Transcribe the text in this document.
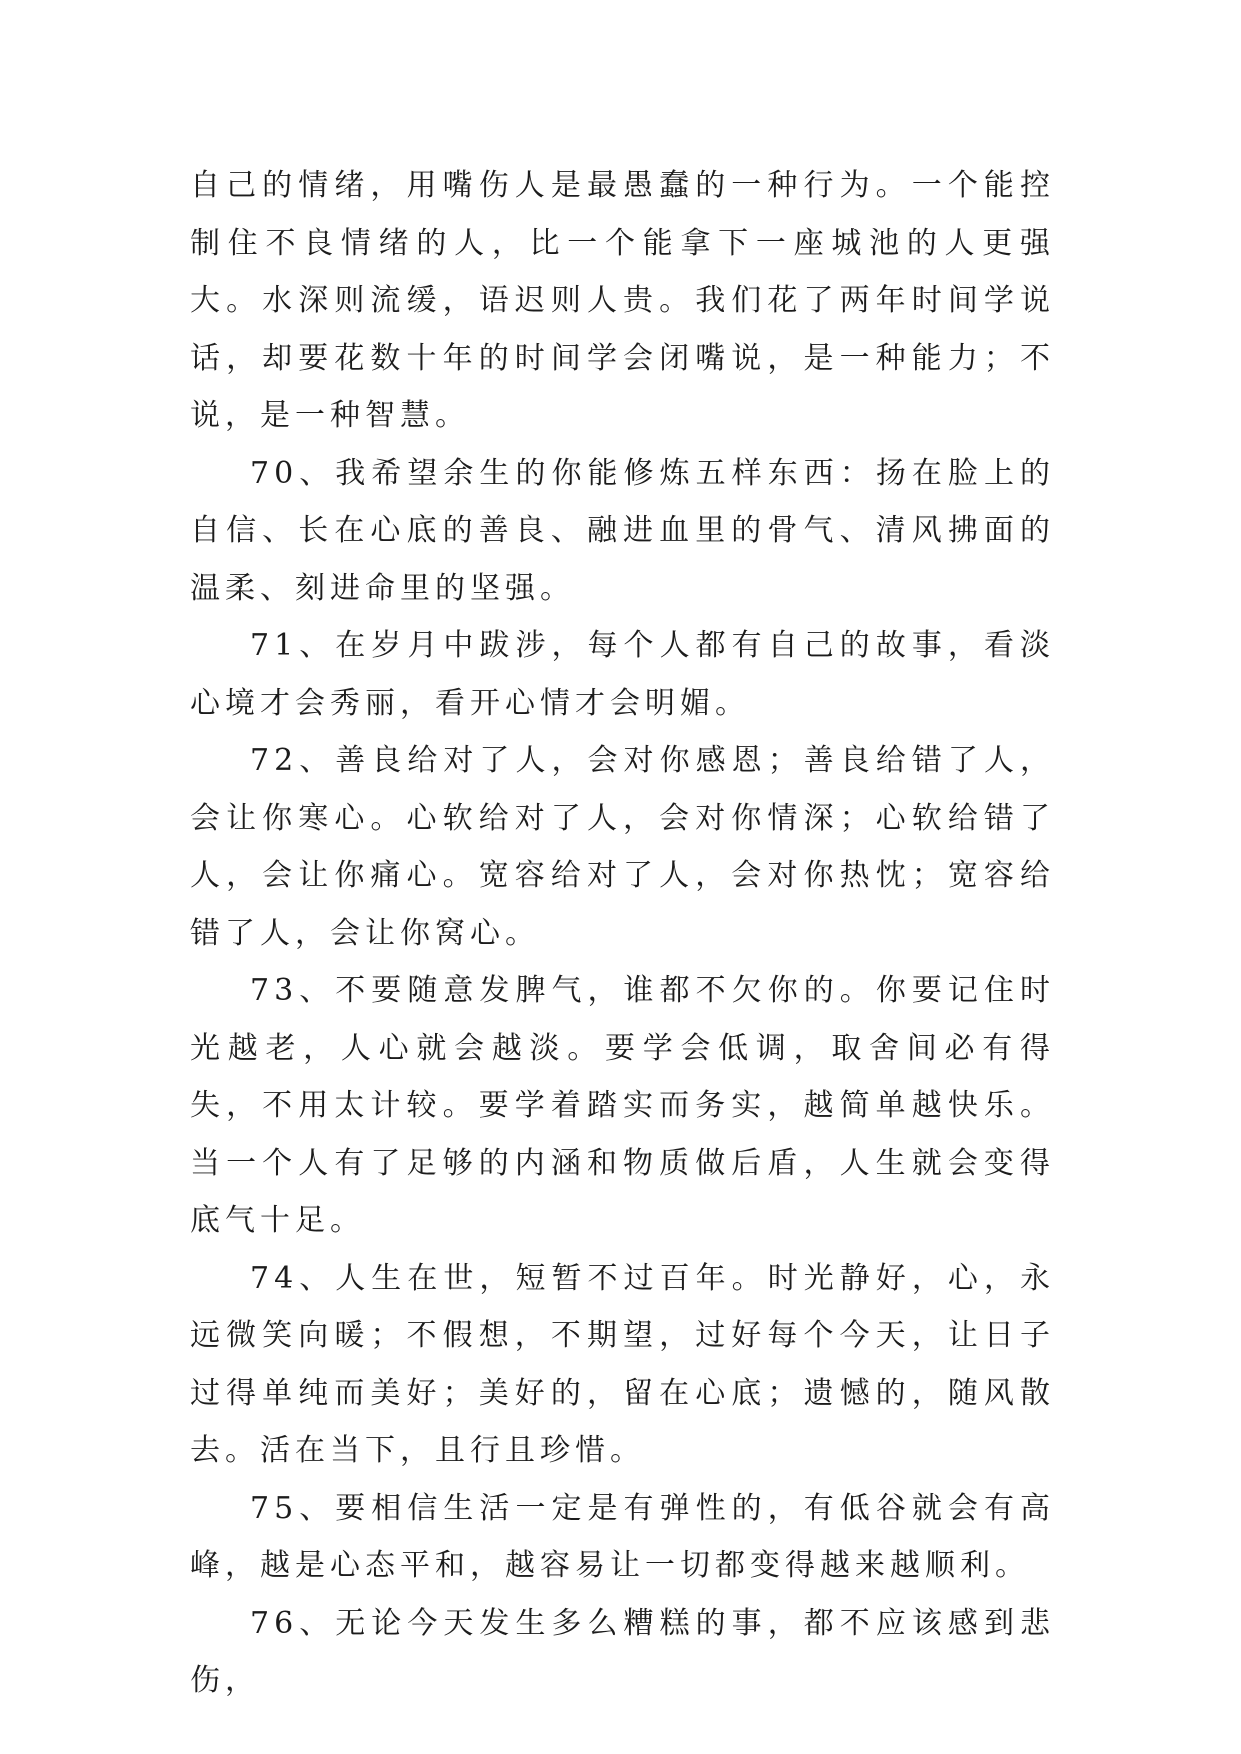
自己的情绪，用嘴伤人是最愚蠢的一种行为。一个能控制住不良情绪的人，比一个能拿下一座城池的人更强大。水深则流缓，语迟则人贵。我们花了两年时间学说话，却要花数十年的时间学会闭嘴说，是一种能力；不说，是一种智慧。

70、我希望余生的你能修炼五样东西：扬在脸上的自信、长在心底的善良、融进血里的骨气、清风拂面的温柔、刻进命里的坚强。

71、在岁月中跋涉，每个人都有自己的故事，看淡心境才会秀丽，看开心情才会明媚。

72、善良给对了人，会对你感恩；善良给错了人，会让你寒心。心软给对了人，会对你情深；心软给错了人，会让你痛心。宽容给对了人，会对你热忱；宽容给错了人，会让你窝心。

73、不要随意发脾气，谁都不欠你的。你要记住时光越老，人心就会越淡。要学会低调，取舍间必有得失，不用太计较。要学着踏实而务实，越简单越快乐。当一个人有了足够的内涵和物质做后盾，人生就会变得底气十足。

74、人生在世，短暂不过百年。时光静好，心，永远微笑向暖；不假想，不期望，过好每个今天，让日子过得单纯而美好；美好的，留在心底；遗憾的，随风散去。活在当下，且行且珍惜。

75、要相信生活一定是有弹性的，有低谷就会有高峰，越是心态平和，越容易让一切都变得越来越顺利。

76、无论今天发生多么糟糕的事，都不应该感到悲伤，
